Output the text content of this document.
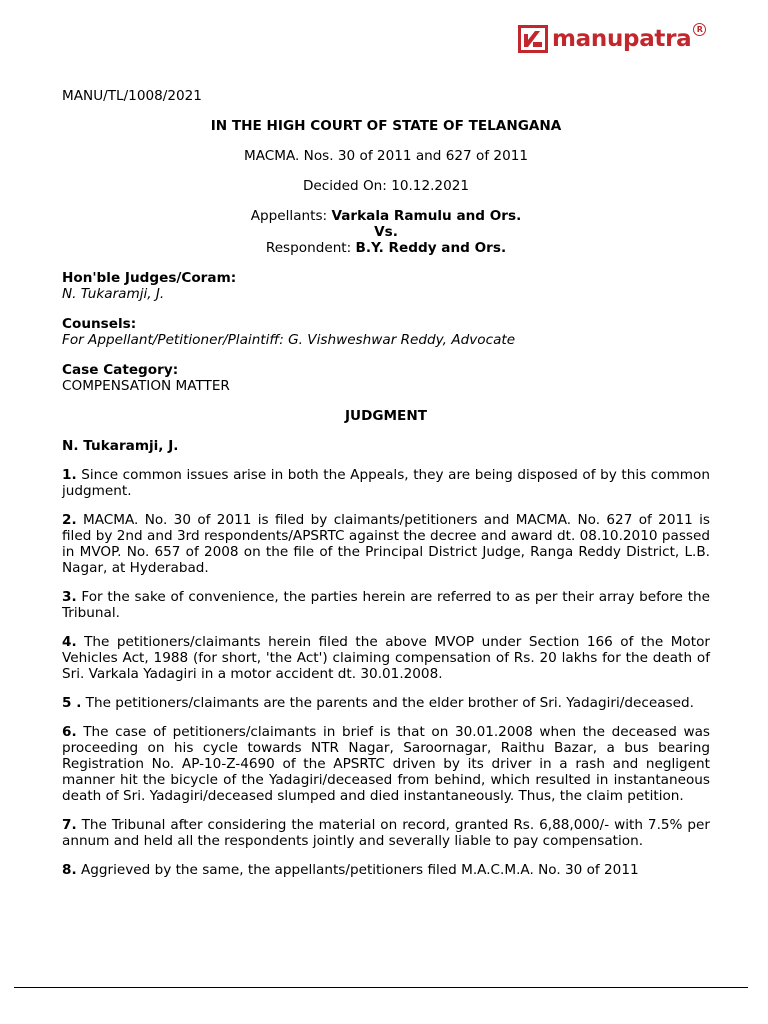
manupatra R

MANU/TL/1008/2021

IN THE HIGH COURT OF STATE OF TELANGANA

MACMA. Nos. 30 of 2011 and 627 of 2011

Decided On: 10.12.2021

Appellants: Varkala Ramulu and Ors.

Vs.

Respondent: B.Y. Reddy and Ors.

Hon'ble Judges/Coram:

N. Tukaramji, J.

Counsels:

For Appellant/Petitioner/Plaintiff: G. Vishweshwar Reddy, Advocate

Case Category:

COMPENSATION MATTER

JUDGMENT

N. Tukaramji, J.

1. Since common issues arise in both the Appeals, they are being disposed of by this common judgment.

2. MACMA. No. 30 of 2011 is filed by claimants/petitioners and MACMA. No. 627 of 2011 is filed by 2nd and 3rd respondents/APSRTC against the decree and award dt. 08.10.2010 passed in MVOP. No. 657 of 2008 on the file of the Principal District Judge, Ranga Reddy District, L.B. Nagar, at Hyderabad.

3. For the sake of convenience, the parties herein are referred to as per their array before the Tribunal.

4. The petitioners/claimants herein filed the above MVOP under Section 166 of the Motor Vehicles Act, 1988 (for short, 'the Act') claiming compensation of Rs. 20 lakhs for the death of Sri. Varkala Yadagiri in a motor accident dt. 30.01.2008.

5 . The petitioners/claimants are the parents and the elder brother of Sri. Yadagiri/deceased.

6. The case of petitioners/claimants in brief is that on 30.01.2008 when the deceased was proceeding on his cycle towards NTR Nagar, Saroornagar, Raithu Bazar, a bus bearing Registration No. AP-10-Z-4690 of the APSRTC driven by its driver in a rash and negligent manner hit the bicycle of the Yadagiri/deceased from behind, which resulted in instantaneous death of Sri. Yadagiri/deceased slumped and died instantaneously. Thus, the claim petition.

7. The Tribunal after considering the material on record, granted Rs. 6,88,000/- with 7.5% per annum and held all the respondents jointly and severally liable to pay compensation.

8. Aggrieved by the same, the appellants/petitioners filed M.A.C.M.A. No. 30 of 2011
